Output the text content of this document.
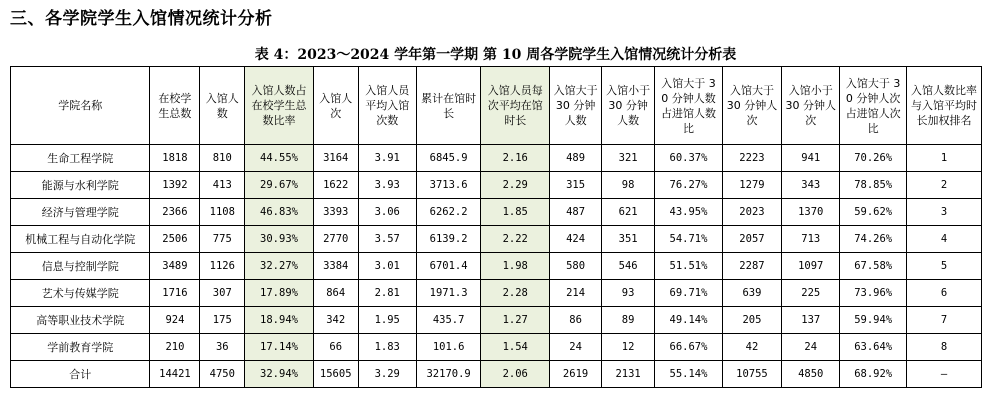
三、各学院学生入馆情况统计分析
表 4：2023～2024 学年第一学期 第 10 周各学院学生入馆情况统计分析表
学院名称	在校学生总数	入馆人数	入馆人数占在校学生总数比率	入馆人次	入馆人员平均入馆次数	累计在馆时长	入馆人员每次平均在馆时长	入馆大于 30 分钟人数	入馆小于 30 分钟人数	入馆大于 30 分钟人数占进馆人数比	入馆大于 30 分钟人次	入馆小于 30 分钟人次	入馆大于 30 分钟人次占进馆人次比	入馆人数比率与入馆平均时长加权排名
生命工程学院	1818	810	44.55%	3164	3.91	6845.9	2.16	489	321	60.37%	2223	941	70.26%	1
能源与水利学院	1392	413	29.67%	1622	3.93	3713.6	2.29	315	98	76.27%	1279	343	78.85%	2
经济与管理学院	2366	1108	46.83%	3393	3.06	6262.2	1.85	487	621	43.95%	2023	1370	59.62%	3
机械工程与自动化学院	2506	775	30.93%	2770	3.57	6139.2	2.22	424	351	54.71%	2057	713	74.26%	4
信息与控制学院	3489	1126	32.27%	3384	3.01	6701.4	1.98	580	546	51.51%	2287	1097	67.58%	5
艺术与传媒学院	1716	307	17.89%	864	2.81	1971.3	2.28	214	93	69.71%	639	225	73.96%	6
高等职业技术学院	924	175	18.94%	342	1.95	435.7	1.27	86	89	49.14%	205	137	59.94%	7
学前教育学院	210	36	17.14%	66	1.83	101.6	1.54	24	12	66.67%	42	24	63.64%	8
合计	14421	4750	32.94%	15605	3.29	32170.9	2.06	2619	2131	55.14%	10755	4850	68.92%	—
